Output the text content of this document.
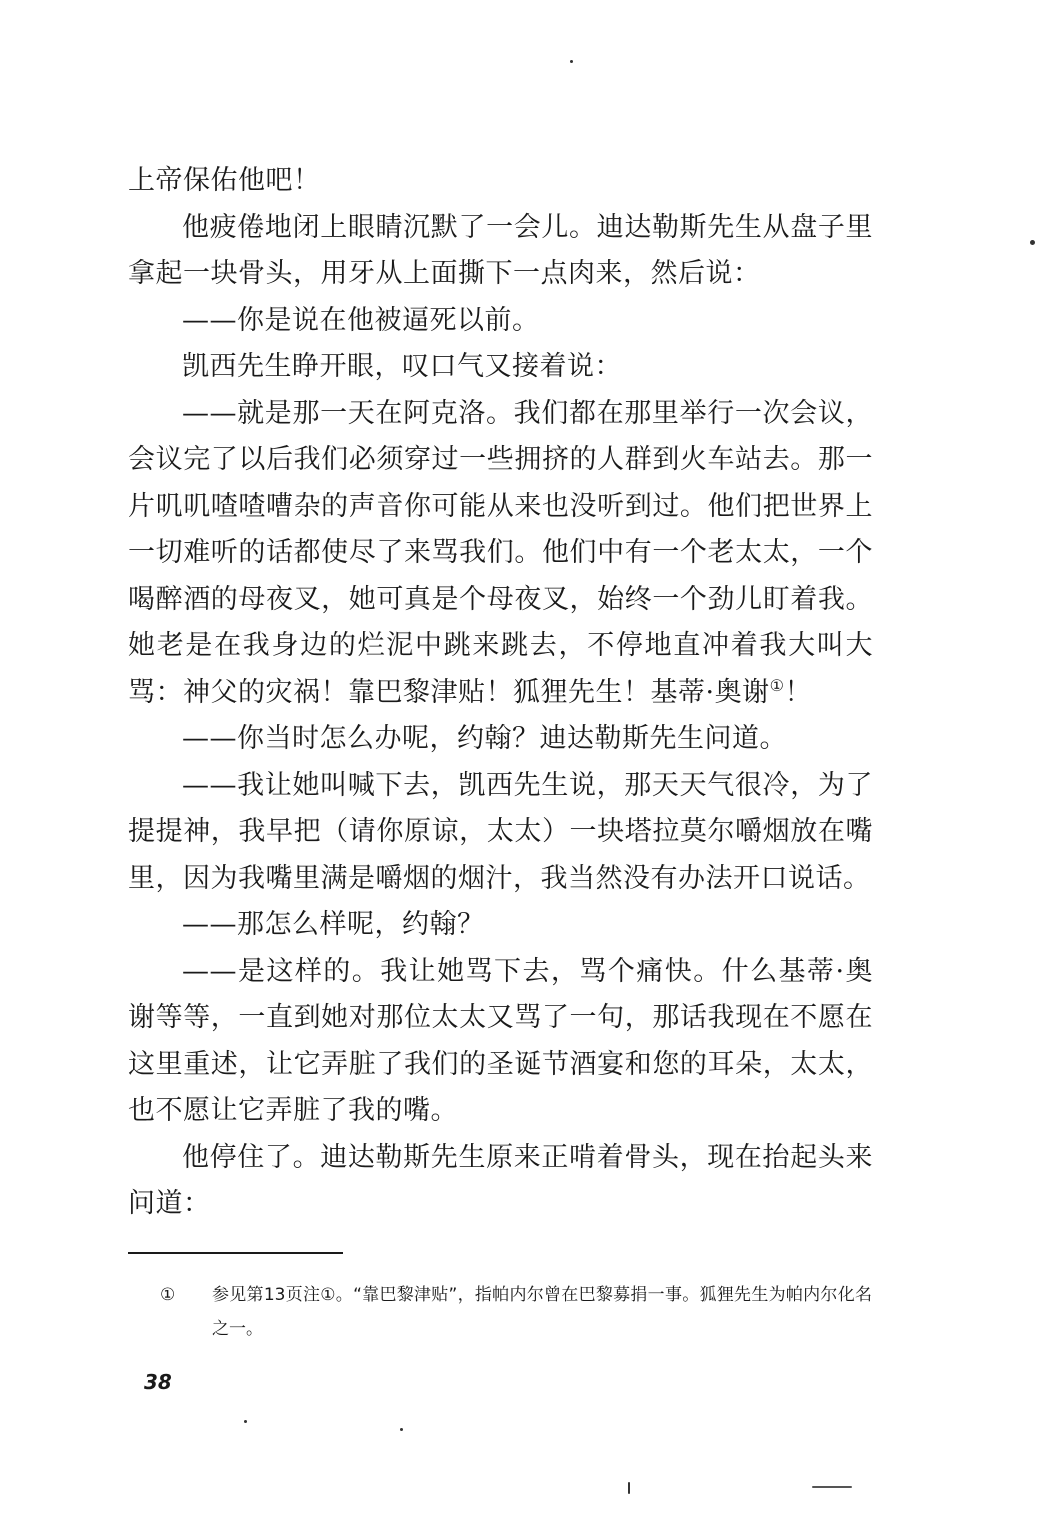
上帝保佑他吧！

他疲倦地闭上眼睛沉默了一会儿。迪达勒斯先生从盘子里拿起一块骨头，用牙从上面撕下一点肉来，然后说：

——你是说在他被逼死以前。

凯西先生睁开眼，叹口气又接着说：

——就是那一天在阿克洛。我们都在那里举行一次会议，会议完了以后我们必须穿过一些拥挤的人群到火车站去。那一片叽叽喳喳嘈杂的声音你可能从来也没听到过。他们把世界上一切难听的话都使尽了来骂我们。他们中有一个老太太，一个喝醉酒的母夜叉，她可真是个母夜叉，始终一个劲儿盯着我。她老是在我身边的烂泥中跳来跳去，不停地直冲着我大叫大骂：神父的灾祸！靠巴黎津贴！狐狸先生！基蒂·奥谢①！

——你当时怎么办呢，约翰？迪达勒斯先生问道。

——我让她叫喊下去，凯西先生说，那天天气很冷，为了提提神，我早把（请你原谅，太太）一块塔拉莫尔嚼烟放在嘴里，因为我嘴里满是嚼烟的烟汁，我当然没有办法开口说话。

——那怎么样呢，约翰？

——是这样的。我让她骂下去，骂个痛快。什么基蒂·奥谢等等，一直到她对那位太太又骂了一句，那话我现在不愿在这里重述，让它弄脏了我们的圣诞节酒宴和您的耳朵，太太，也不愿让它弄脏了我的嘴。

他停住了。迪达勒斯先生原来正啃着骨头，现在抬起头来问道：

①	参见第13页注①。“靠巴黎津贴”，指帕内尔曾在巴黎募捐一事。狐狸先生为帕内尔化名之一。
38
